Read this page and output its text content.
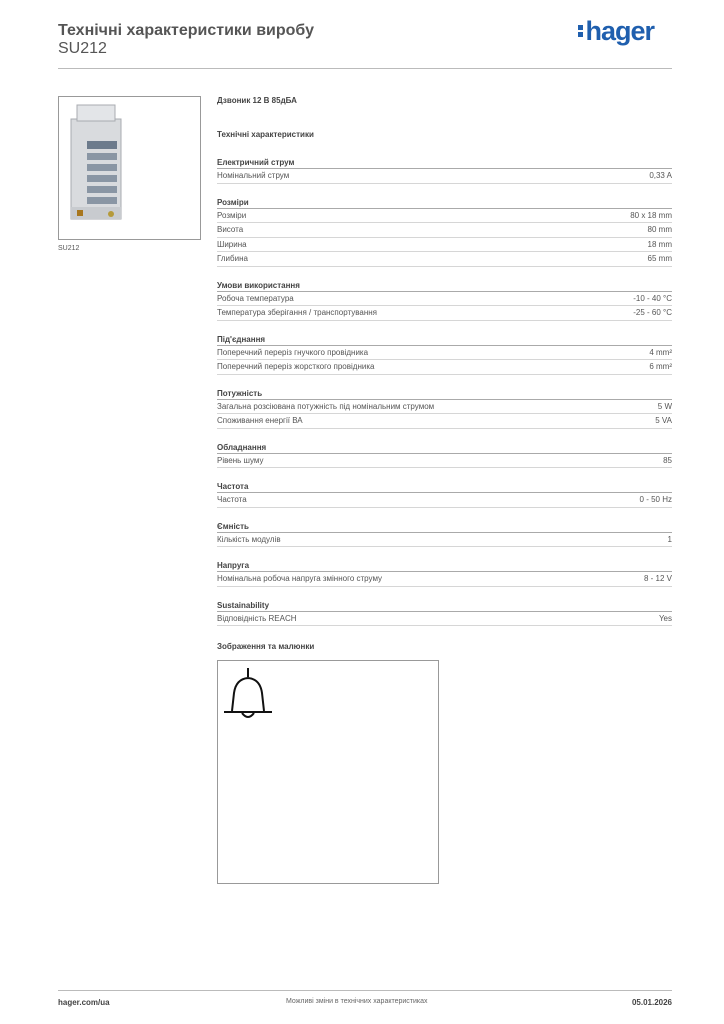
Технічні характеристики виробу
SU212
hager
SU212
Дзвоник 12 В 85дБА
Технічні характеристики
Електричний струм
Номінальний струм	0,33 A
Розміри
Розміри	80 x 18 mm
Висота	80 mm
Ширина	18 mm
Глибина	65 mm
Умови використання
Робоча температура	-10 - 40 °C
Температура зберігання / транспортування	-25 - 60 °C
Під'єднання
Поперечний переріз гнучкого провідника	4 mm²
Поперечний переріз жорсткого провідника	6 mm²
Потужність
Загальна розсіювана потужність під номінальним струмом	5 W
Споживання енергії ВА	5 VA
Обладнання
Рівень шуму	85
Частота
Частота	0 - 50 Hz
Ємність
Кількість модулів	1
Напруга
Номінальна робоча напруга змінного струму	8 - 12 V
Sustainability
Відповідність REACH	Yes
Зображення та малюнки
hager.com/ua	Можливі зміни в технічних характеристиках	05.01.2026
